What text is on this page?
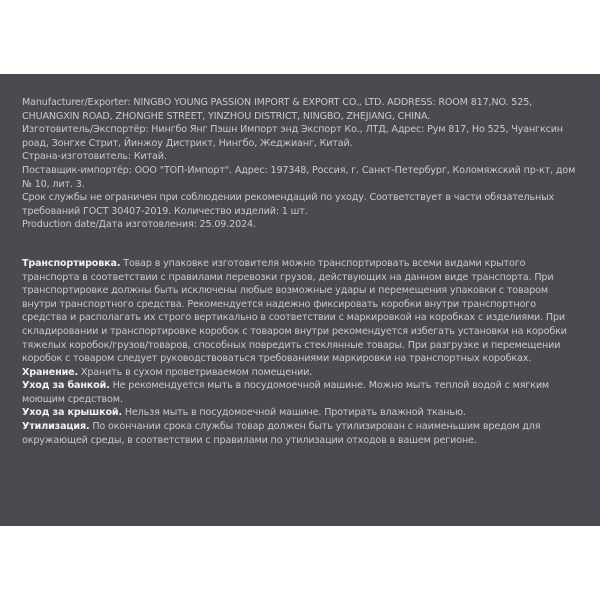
Manufacturer/Exporter: NINGBO YOUNG PASSION IMPORT & EXPORT CO., LTD. ADDRESS: ROOM 817,NO. 525, CHUANGXIN ROAD, ZHONGHE STREET, YINZHOU DISTRICT, NINGBO, ZHEJIANG, CHINA.

Изготовитель/Экспортёр: Нингбо Янг Пэшн Импорт энд Экспорт Ко., ЛТД, Адрес: Рум 817, Но 525, Чуангксин роад, Зонгхе Стрит, Йинжоу Дистрикт, Нингбо, Жеджианг, Китай.

Страна-изготовитель: Китай.

Поставщик-импортёр: ООО "ТОП-Импорт". Адрес: 197348, Россия, г. Санкт-Петербург, Коломяжский пр-кт, дом № 10, лит. 3.

Срок службы не ограничен при соблюдении рекомендаций по уходу. Соответствует в части обязательных требований ГОСТ 30407-2019. Количество изделий: 1 шт.

Production date/Дата изготовления: 25.09.2024.

Транспортировка. Товар в упаковке изготовителя можно транспортировать всеми видами крытого транспорта в соответствии с правилами перевозки грузов, действующих на данном виде транспорта. При транспортировке должны быть исключены любые возможные удары и перемещения упаковки с товаром внутри транспортного средства. Рекомендуется надежно фиксировать коробки внутри транспортного средства и располагать их строго вертикально в соответствии с маркировкой на коробках с изделиями. При складировании и транспортировке коробок с товаром внутри рекомендуется избегать установки на коробки тяжелых коробок/грузов/товаров, способных повредить стеклянные товары. При разгрузке и перемещении коробок с товаром следует руководствоваться требованиями маркировки на транспортных коробках.

Хранение. Хранить в сухом проветриваемом помещении.

Уход за банкой. Не рекомендуется мыть в посудомоечной машине. Можно мыть теплой водой с мягким моющим средством.

Уход за крышкой. Нельзя мыть в посудомоечной машине. Протирать влажной тканью.

Утилизация. По окончании срока службы товар должен быть утилизирован с наименьшим вредом для окружающей среды, в соответствии с правилами по утилизации отходов в вашем регионе.
